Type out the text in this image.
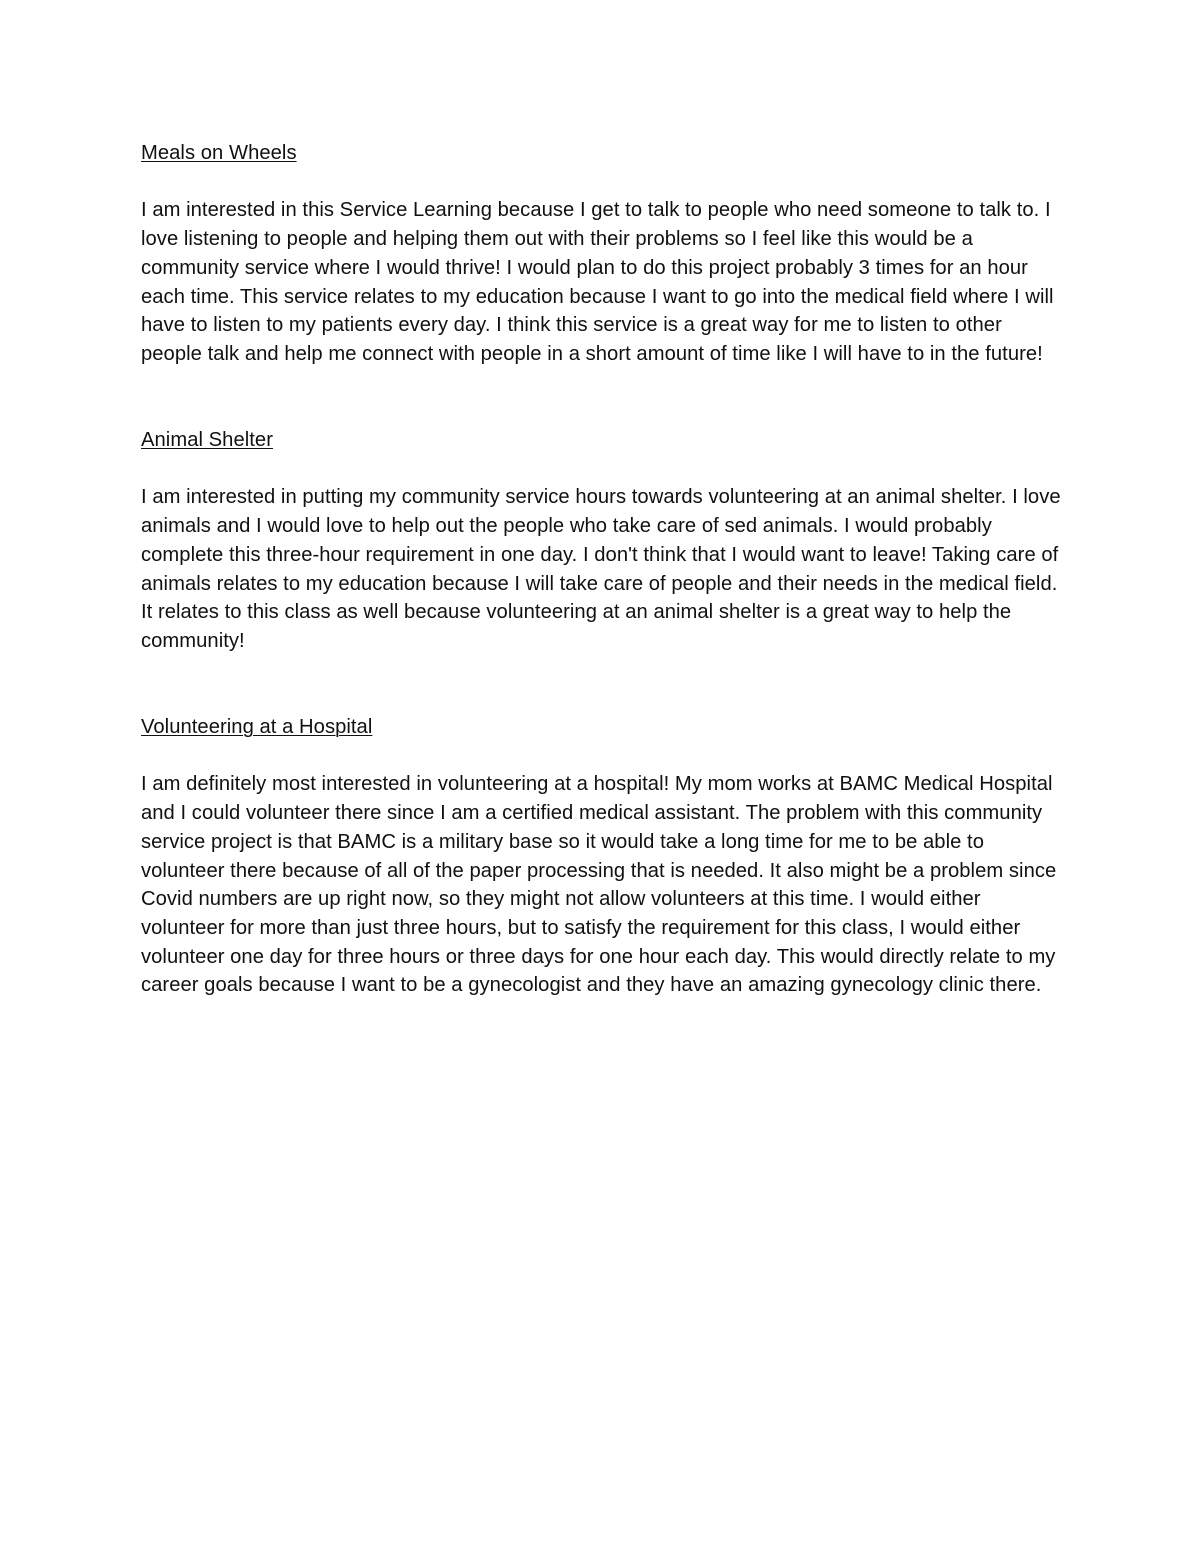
Meals on Wheels

I am interested in this Service Learning because I get to talk to people who need someone to talk to. I love listening to people and helping them out with their problems so I feel like this would be a community service where I would thrive! I would plan to do this project probably 3 times for an hour each time. This service relates to my education because I want to go into the medical field where I will have to listen to my patients every day. I think this service is a great way for me to listen to other people talk and help me connect with people in a short amount of time like I will have to in the future!

Animal Shelter

I am interested in putting my community service hours towards volunteering at an animal shelter. I love animals and I would love to help out the people who take care of sed animals. I would probably complete this three-hour requirement in one day. I don't think that I would want to leave! Taking care of animals relates to my education because I will take care of people and their needs in the medical field. It relates to this class as well because volunteering at an animal shelter is a great way to help the community!

Volunteering at a Hospital

I am definitely most interested in volunteering at a hospital! My mom works at BAMC Medical Hospital and I could volunteer there since I am a certified medical assistant. The problem with this community service project is that BAMC is a military base so it would take a long time for me to be able to volunteer there because of all of the paper processing that is needed. It also might be a problem since Covid numbers are up right now, so they might not allow volunteers at this time. I would either volunteer for more than just three hours, but to satisfy the requirement for this class, I would either volunteer one day for three hours or three days for one hour each day. This would directly relate to my career goals because I want to be a gynecologist and they have an amazing gynecology clinic there.
